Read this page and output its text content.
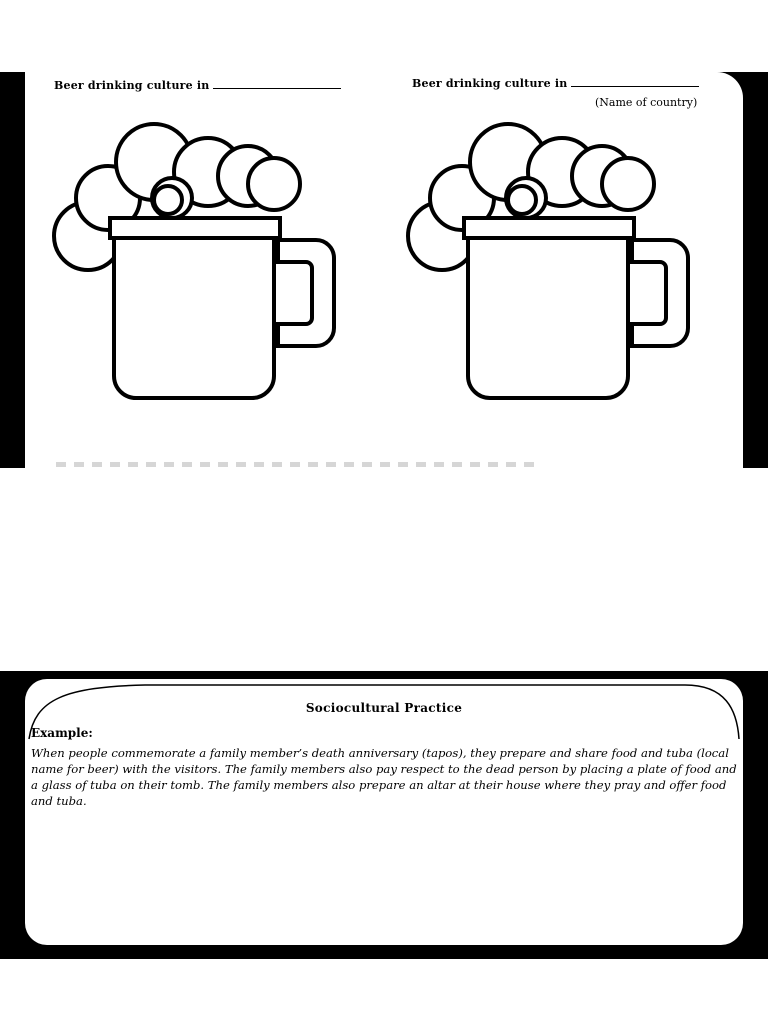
Beer drinking culture in	Beer drinking culture in
(Name of country)
Sociocultural Practice
Example:
When people commemorate a family member’s death anniversary (tapos), they prepare and share food and tuba (local name for beer) with the visitors. The family members also pay respect to the dead person by placing a plate of food and a glass of tuba on their tomb. The family members also prepare an altar at their house where they pray and offer food and tuba.
